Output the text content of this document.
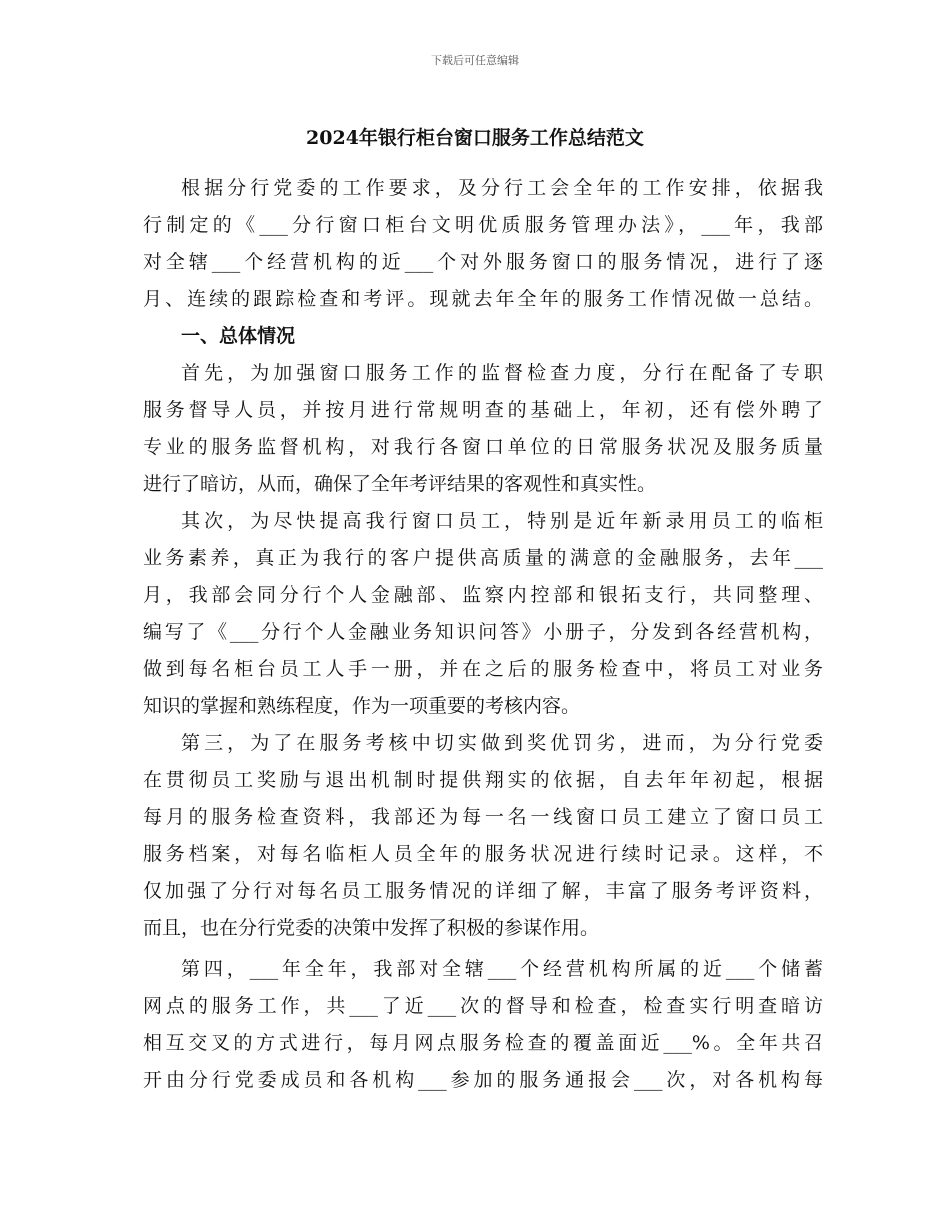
下载后可任意编辑
2024年银行柜台窗口服务工作总结范文
根据分行党委的工作要求，及分行工会全年的工作安排，依据我
行制定的《___分行窗口柜台文明优质服务管理办法》，___年，我部
对全辖___个经营机构的近___个对外服务窗口的服务情况，进行了逐
月、连续的跟踪检查和考评。现就去年全年的服务工作情况做一总结。
一、总体情况
首先，为加强窗口服务工作的监督检查力度，分行在配备了专职
服务督导人员，并按月进行常规明查的基础上，年初，还有偿外聘了
专业的服务监督机构，对我行各窗口单位的日常服务状况及服务质量
进行了暗访，从而，确保了全年考评结果的客观性和真实性。
其次，为尽快提高我行窗口员工，特别是近年新录用员工的临柜
业务素养，真正为我行的客户提供高质量的满意的金融服务，去年___
月，我部会同分行个人金融部、监察内控部和银拓支行，共同整理、
编写了《___分行个人金融业务知识问答》小册子，分发到各经营机构，
做到每名柜台员工人手一册，并在之后的服务检查中，将员工对业务
知识的掌握和熟练程度，作为一项重要的考核内容。
第三，为了在服务考核中切实做到奖优罚劣，进而，为分行党委
在贯彻员工奖励与退出机制时提供翔实的依据，自去年年初起，根据
每月的服务检查资料，我部还为每一名一线窗口员工建立了窗口员工
服务档案，对每名临柜人员全年的服务状况进行续时记录。这样，不
仅加强了分行对每名员工服务情况的详细了解，丰富了服务考评资料，
而且，也在分行党委的决策中发挥了积极的参谋作用。
第四，___年全年，我部对全辖___个经营机构所属的近___个储蓄
网点的服务工作，共___了近___次的督导和检查，检查实行明查暗访
相互交叉的方式进行，每月网点服务检查的覆盖面近___%。全年共召
开由分行党委成员和各机构___参加的服务通报会___次，对各机构每
